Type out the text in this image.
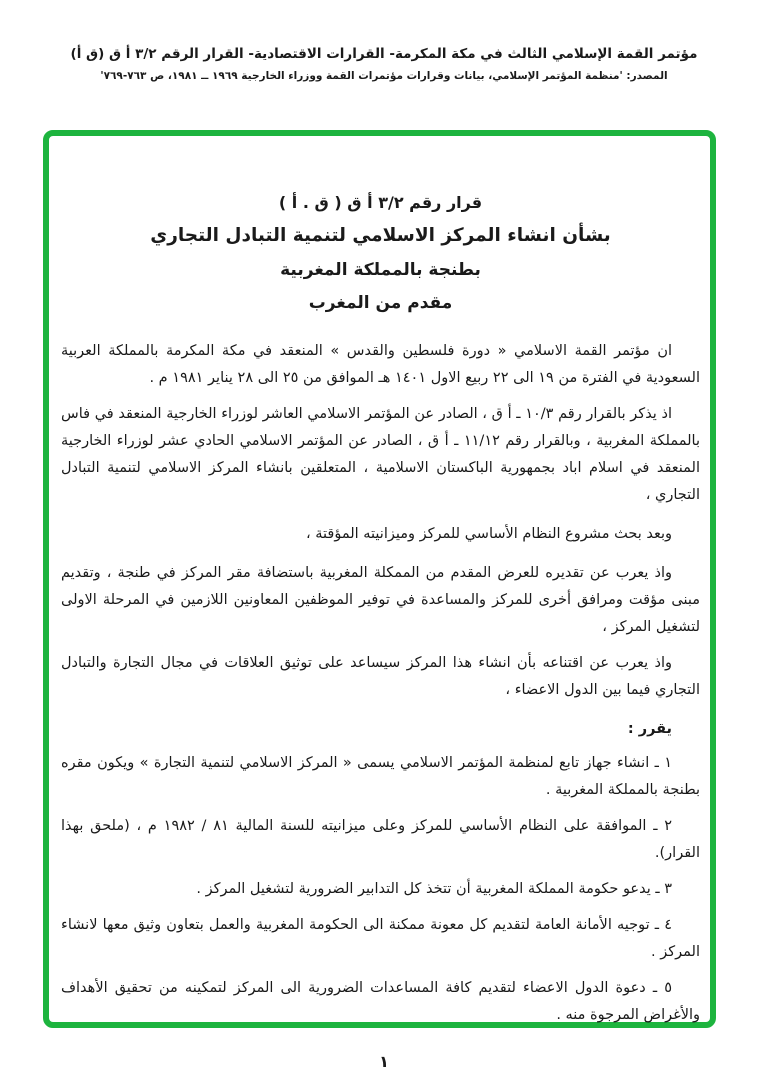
مؤتمر القمة الإسلامي الثالث في مكة المكرمة- القرارات الاقتصادية- القرار الرقم ٣/٢ أ ق (ق أ)
المصدر: 'منظمة المؤتمر الإسلامي، بيانات وقرارات مؤتمرات القمة ووزراء الخارجية ١٩٦٩ ــ ١٩٨١، ص ٧٦٣-٧٦٩'
قرار رقم ٣/٢ أ ق ( ق . أ )
بشأن انشاء المركز الاسلامي لتنمية التبادل التجاري
بطنجة بالمملكة المغربية
مقدم من المغرب

ان مؤتمر القمة الاسلامي « دورة فلسطين والقدس » المنعقد في مكة المكرمة بالمملكة العربية السعودية في الفترة من ١٩ الى ٢٢ ربيع الاول ١٤٠١ هـ الموافق من ٢٥ الى ٢٨ يناير ١٩٨١ م .

اذ يذكر بالقرار رقم ١٠/٣ ـ أ ق ، الصادر عن المؤتمر الاسلامي العاشر لوزراء الخارجية المنعقد في فاس بالمملكة المغربية ، وبالقرار رقم ١١/١٢ ـ أ ق ، الصادر عن المؤتمر الاسلامي الحادي عشر لوزراء الخارجية المنعقد في اسلام اباد بجمهورية الباكستان الاسلامية ، المتعلقين بانشاء المركز الاسلامي لتنمية التبادل التجاري ،

وبعد بحث مشروع النظام الأساسي للمركز وميزانيته المؤقتة ،

واذ يعرب عن تقديره للعرض المقدم من الممكلة المغربية باستضافة مقر المركز في طنجة ، وتقديم مبنى مؤقت ومرافق أخرى للمركز والمساعدة في توفير الموظفين المعاونين اللازمين في المرحلة الاولى لتشغيل المركز ،

واذ يعرب عن اقتناعه بأن انشاء هذا المركز سيساعد على توثيق العلاقات في مجال التجارة والتبادل التجاري فيما بين الدول الاعضاء ،

يقرر :

١ ـ انشاء جهاز تابع لمنظمة المؤتمر الاسلامي يسمى « المركز الاسلامي لتنمية التجارة » ويكون مقره بطنجة بالمملكة المغربية .

٢ ـ الموافقة على النظام الأساسي للمركز وعلى ميزانيته للسنة المالية ٨١ / ١٩٨٢ م ، (ملحق بهذا القرار).

٣ ـ يدعو حكومة المملكة المغربية أن تتخذ كل التدابير الضرورية لتشغيل المركز .

٤ ـ توجيه الأمانة العامة لتقديم كل معونة ممكنة الى الحكومة المغربية والعمل بتعاون وثيق معها لانشاء المركز .

٥ ـ دعوة الدول الاعضاء لتقديم كافة المساعدات الضرورية الى المركز لتمكينه من تحقيق الأهداف والأغراض المرجوة منه .

١
